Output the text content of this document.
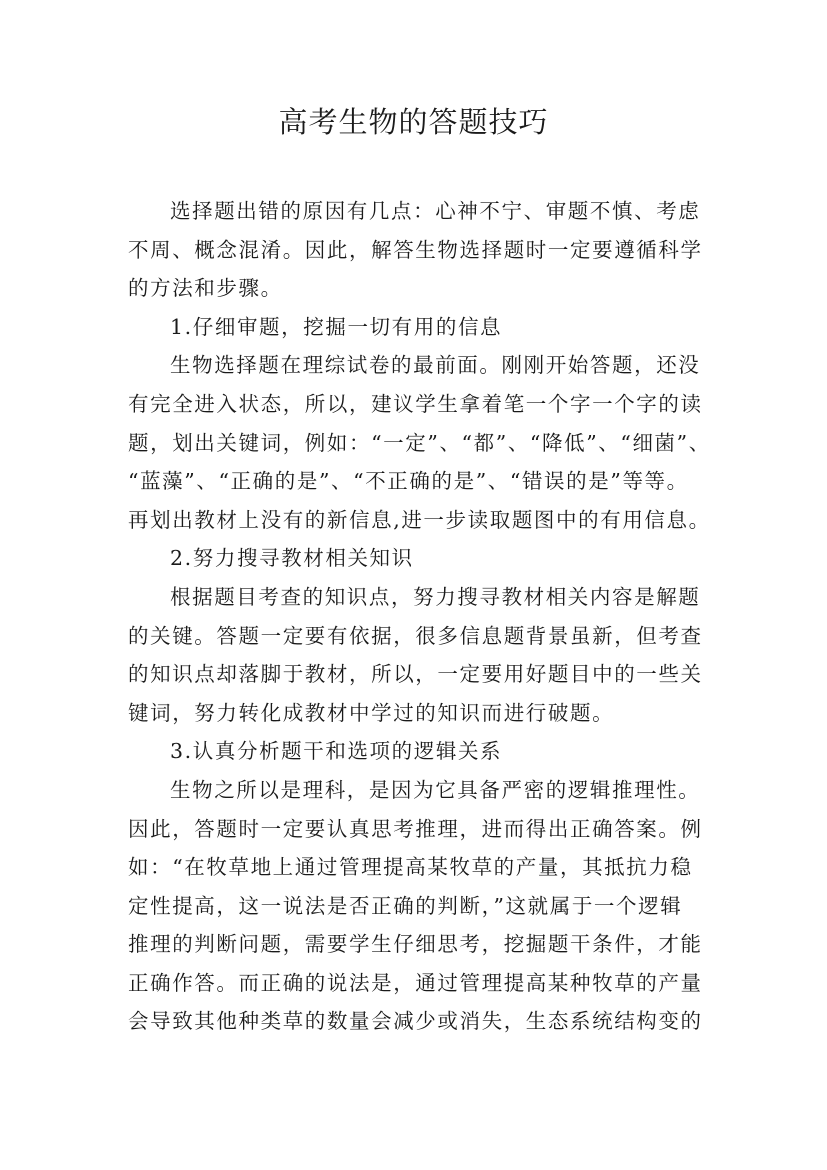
高考生物的答题技巧
选择题出错的原因有几点：心神不宁、审题不慎、考虑
不周、概念混淆。因此，解答生物选择题时一定要遵循科学
的方法和步骤。
1.仔细审题，挖掘一切有用的信息
生物选择题在理综试卷的最前面。刚刚开始答题，还没
有完全进入状态，所以，建议学生拿着笔一个字一个字的读
题，划出关键词，例如：“一定”、“都”、“降低”、“细菌”、
“蓝藻”、“正确的是”、“不正确的是”、“错误的是”等等。
再划出教材上没有的新信息,进一步读取题图中的有用信息。
2.努力搜寻教材相关知识
根据题目考查的知识点，努力搜寻教材相关内容是解题
的关键。答题一定要有依据，很多信息题背景虽新，但考查
的知识点却落脚于教材，所以，一定要用好题目中的一些关
键词，努力转化成教材中学过的知识而进行破题。
3.认真分析题干和选项的逻辑关系
生物之所以是理科，是因为它具备严密的逻辑推理性。
因此，答题时一定要认真思考推理，进而得出正确答案。例
如：“在牧草地上通过管理提高某牧草的产量，其抵抗力稳
定性提高，这一说法是否正确的判断，”这就属于一个逻辑
推理的判断问题，需要学生仔细思考，挖掘题干条件，才能
正确作答。而正确的说法是，通过管理提高某种牧草的产量
会导致其他种类草的数量会减少或消失，生态系统结构变的
